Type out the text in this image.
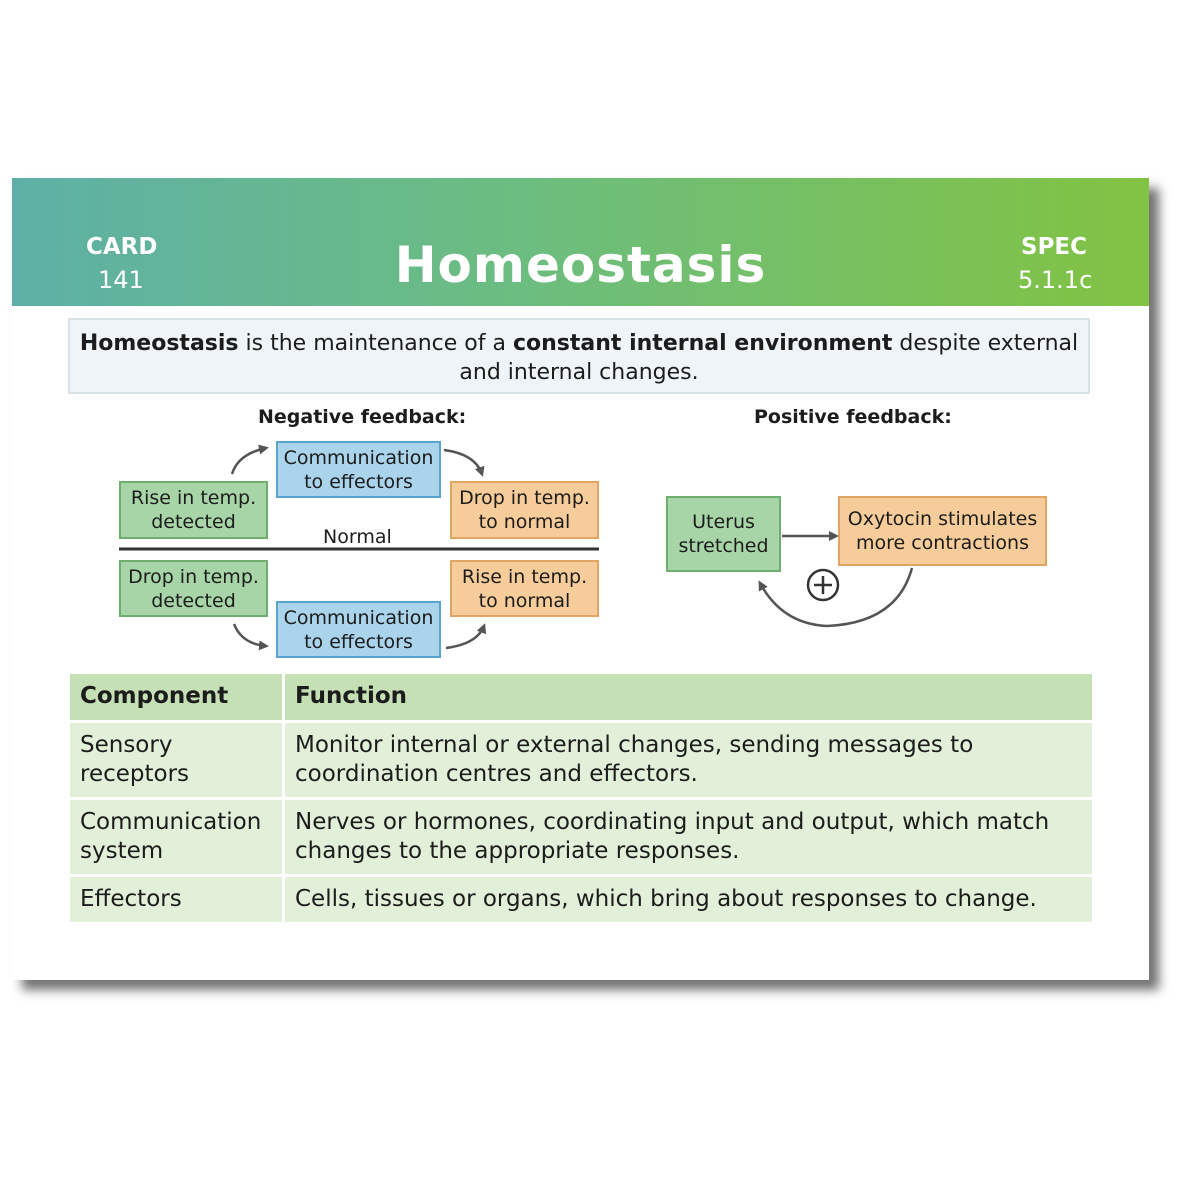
CARD
141	Homeostasis	SPEC
5.1.1c
Homeostasis is the maintenance of a constant internal environment despite external and internal changes.
Negative feedback:	Positive feedback:
Rise in temp. detected
Communication to effectors
Drop in temp. to normal
Normal
Drop in temp. detected
Rise in temp. to normal
Communication to effectors
Uterus stretched
Oxytocin stimulates more contractions
Component	Function
Sensory receptors	Monitor internal or external changes, sending messages to coordination centres and effectors.
Communication system	Nerves or hormones, coordinating input and output, which match changes to the appropriate responses.
Effectors	Cells, tissues or organs, which bring about responses to change.
